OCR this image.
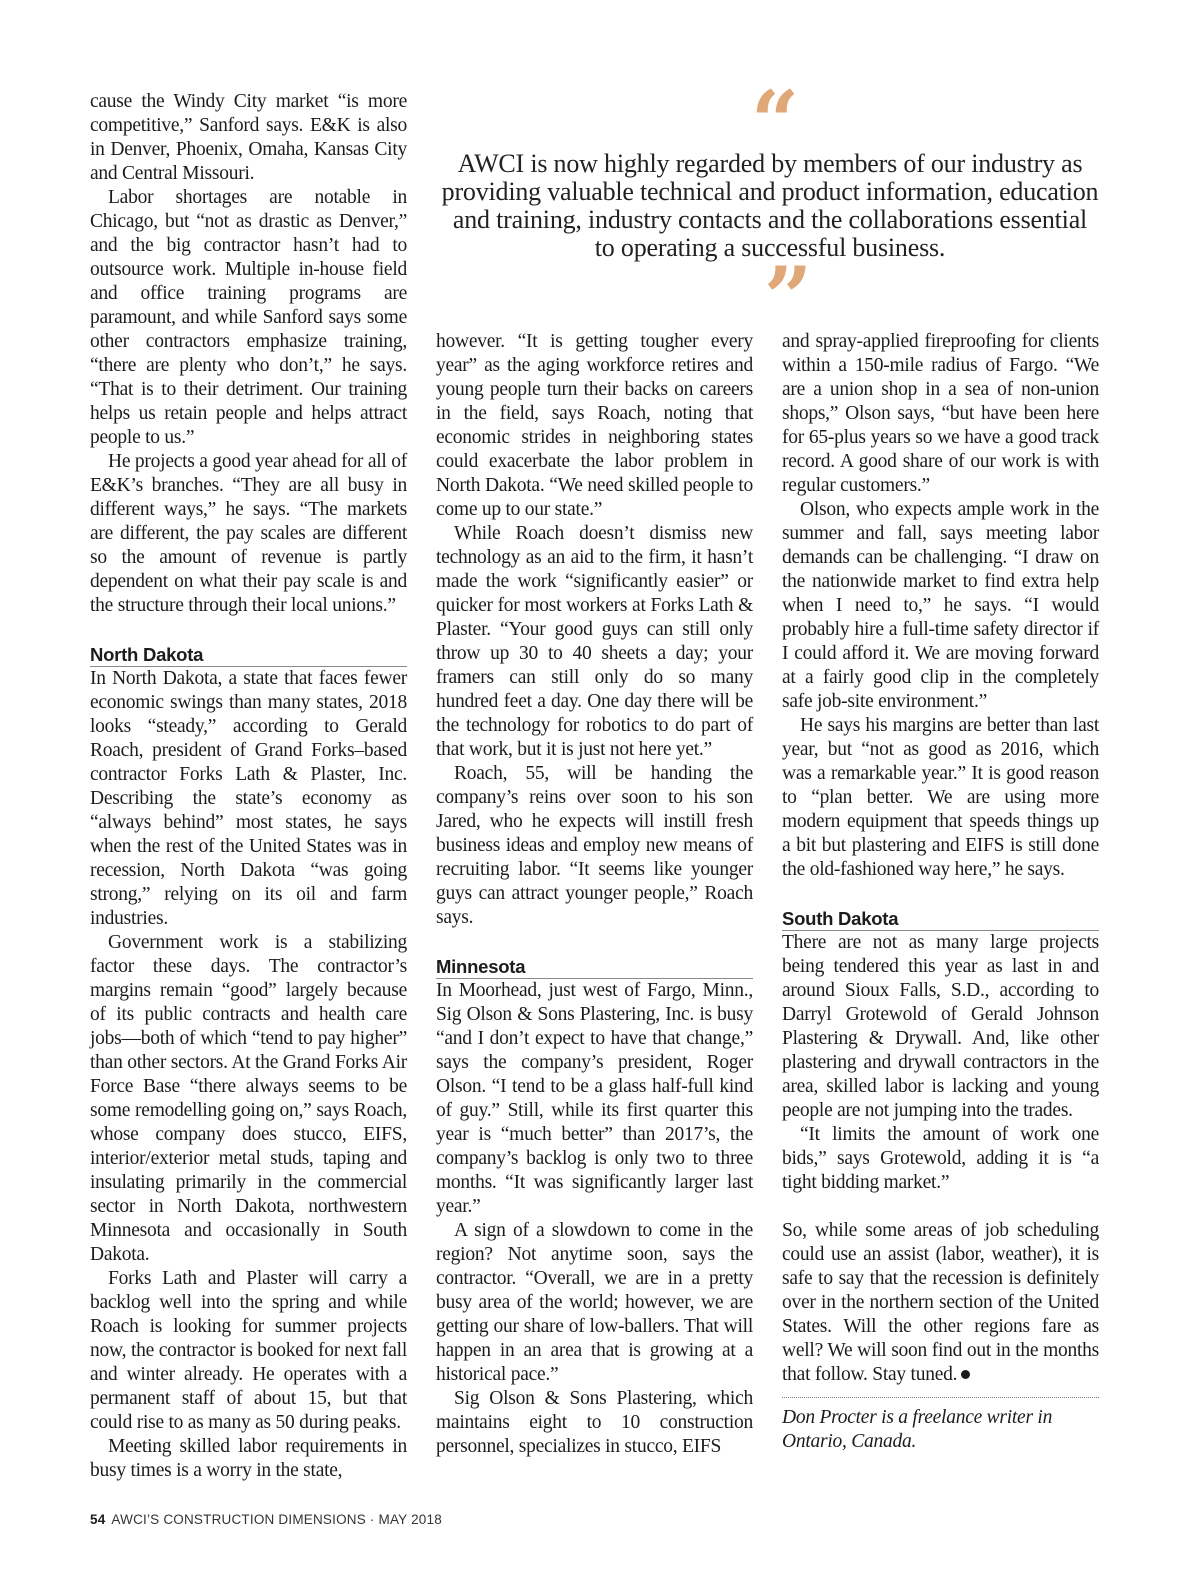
“

AWCI is now highly regarded by members of our industry as providing valuable technical and product information, education and training, industry contacts and the collaborations essential to operating a successful business.

”

cause the Windy City market “is more competitive,” Sanford says. E&K is also in Denver, Phoenix, Omaha, Kansas City and Central Missouri.

Labor shortages are notable in Chicago, but “not as drastic as Denver,” and the big contractor hasn’t had to outsource work. Multiple in-house field and office training programs are paramount, and while Sanford says some other contractors emphasize training, “there are plenty who don’t,” he says. “That is to their detriment. Our training helps us retain people and helps attract people to us.”

He projects a good year ahead for all of E&K’s branches. “They are all busy in different ways,” he says. “The markets are different, the pay scales are different so the amount of revenue is partly dependent on what their pay scale is and the structure through their local unions.”

North Dakota

In North Dakota, a state that faces fewer economic swings than many states, 2018 looks “steady,” according to Gerald Roach, president of Grand Forks–based contractor Forks Lath & Plaster, Inc. Describing the state’s economy as “always behind” most states, he says when the rest of the United States was in recession, North Dakota “was going strong,” relying on its oil and farm industries.

Government work is a stabilizing factor these days. The contractor’s margins remain “good” largely because of its public contracts and health care jobs—both of which “tend to pay higher” than other sectors. At the Grand Forks Air Force Base “there always seems to be some remodelling going on,” says Roach, whose company does stucco, EIFS, interior/exterior metal studs, taping and insulating primarily in the commercial sector in North Dakota, northwestern Minnesota and occasionally in South Dakota.

Forks Lath and Plaster will carry a backlog well into the spring and while Roach is looking for summer projects now, the contractor is booked for next fall and winter already. He operates with a permanent staff of about 15, but that could rise to as many as 50 during peaks.

Meeting skilled labor requirements in busy times is a worry in the state,

however. “It is getting tougher every year” as the aging workforce retires and young people turn their backs on careers in the field, says Roach, noting that economic strides in neighboring states could exacerbate the labor problem in North Dakota. “We need skilled people to come up to our state.”

While Roach doesn’t dismiss new technology as an aid to the firm, it hasn’t made the work “significantly easier” or quicker for most workers at Forks Lath & Plaster. “Your good guys can still only throw up 30 to 40 sheets a day; your framers can still only do so many hundred feet a day. One day there will be the technology for robotics to do part of that work, but it is just not here yet.”

Roach, 55, will be handing the company’s reins over soon to his son Jared, who he expects will instill fresh business ideas and employ new means of recruiting labor. “It seems like younger guys can attract younger people,” Roach says.

Minnesota

In Moorhead, just west of Fargo, Minn., Sig Olson & Sons Plastering, Inc. is busy “and I don’t expect to have that change,” says the company’s president, Roger Olson. “I tend to be a glass half-full kind of guy.” Still, while its first quarter this year is “much better” than 2017’s, the company’s backlog is only two to three months. “It was significantly larger last year.”

A sign of a slowdown to come in the region? Not anytime soon, says the contractor. “Overall, we are in a pretty busy area of the world; however, we are getting our share of low-ballers. That will happen in an area that is growing at a historical pace.”

Sig Olson & Sons Plastering, which maintains eight to 10 construction personnel, specializes in stucco, EIFS

and spray-applied fireproofing for clients within a 150-mile radius of Fargo. “We are a union shop in a sea of non-union shops,” Olson says, “but have been here for 65-plus years so we have a good track record. A good share of our work is with regular customers.”

Olson, who expects ample work in the summer and fall, says meeting labor demands can be challenging. “I draw on the nationwide market to find extra help when I need to,” he says. “I would probably hire a full-time safety director if I could afford it. We are moving forward at a fairly good clip in the completely safe job-site environment.”

He says his margins are better than last year, but “not as good as 2016, which was a remarkable year.” It is good reason to “plan better. We are using more modern equipment that speeds things up a bit but plastering and EIFS is still done the old-fashioned way here,” he says.

South Dakota

There are not as many large projects being tendered this year as last in and around Sioux Falls, S.D., according to Darryl Grotewold of Gerald Johnson Plastering & Drywall. And, like other plastering and drywall contractors in the area, skilled labor is lacking and young people are not jumping into the trades.

“It limits the amount of work one bids,” says Grotewold, adding it is “a tight bidding market.”

So, while some areas of job scheduling could use an assist (labor, weather), it is safe to say that the recession is definitely over in the northern section of the United States. Will the other regions fare as well? We will soon find out in the months that follow. Stay tuned.

Don Procter is a freelance writer in Ontario, Canada.

54 AWCI’S CONSTRUCTION DIMENSIONS · MAY 2018
